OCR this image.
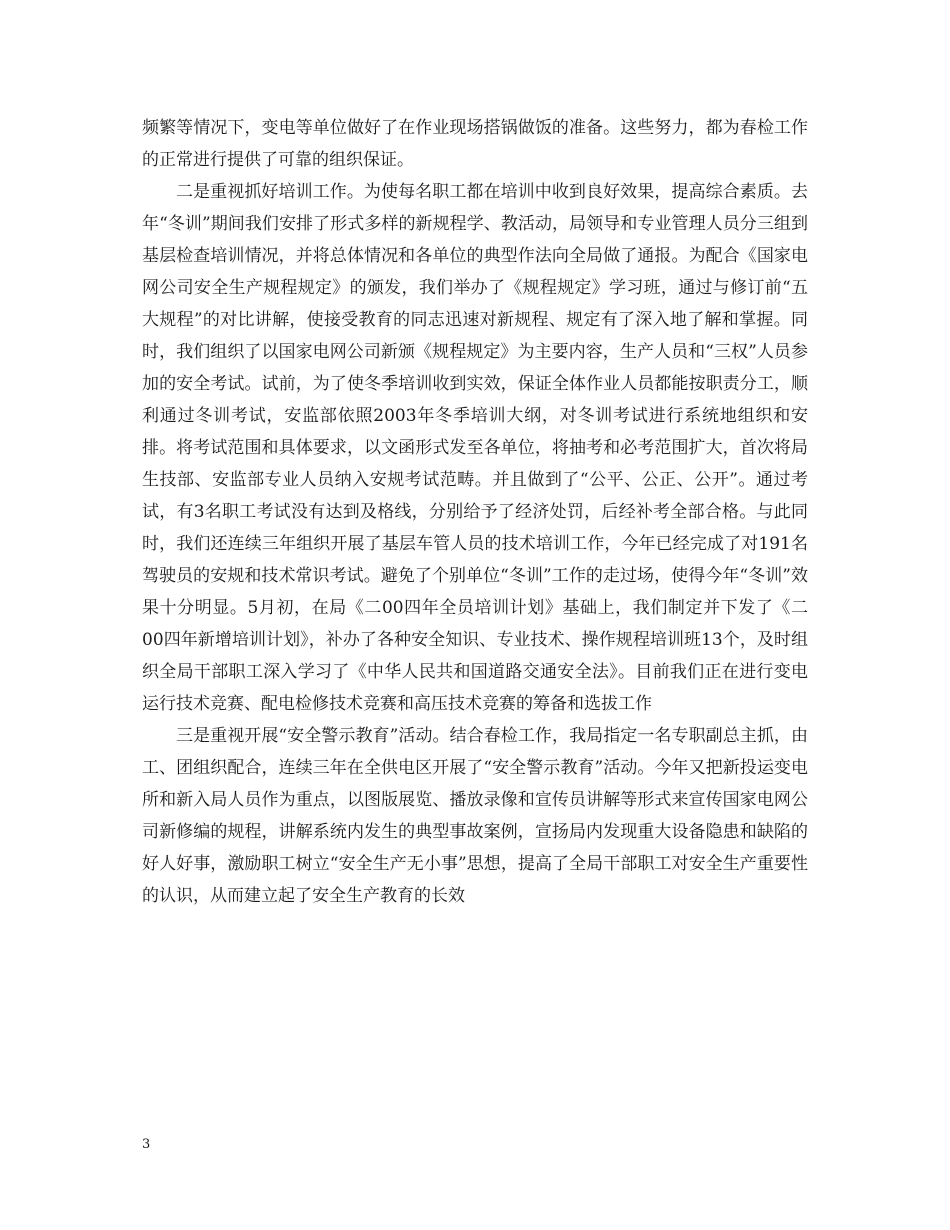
频繁等情况下，变电等单位做好了在作业现场搭锅做饭的准备。这些努力，都为春检工作的正常进行提供了可靠的组织保证。

二是重视抓好培训工作。为使每名职工都在培训中收到良好效果，提高综合素质。去年“冬训”期间我们安排了形式多样的新规程学、教活动，局领导和专业管理人员分三组到基层检查培训情况，并将总体情况和各单位的典型作法向全局做了通报。为配合《国家电网公司安全生产规程规定》的颁发，我们举办了《规程规定》学习班，通过与修订前“五大规程”的对比讲解，使接受教育的同志迅速对新规程、规定有了深入地了解和掌握。同时，我们组织了以国家电网公司新颁《规程规定》为主要内容，生产人员和“三权”人员参加的安全考试。试前，为了使冬季培训收到实效，保证全体作业人员都能按职责分工，顺利通过冬训考试，安监部依照2003年冬季培训大纲，对冬训考试进行系统地组织和安排。将考试范围和具体要求，以文函形式发至各单位，将抽考和必考范围扩大，首次将局生技部、安监部专业人员纳入安规考试范畴。并且做到了“公平、公正、公开”。通过考试，有3名职工考试没有达到及格线，分别给予了经济处罚，后经补考全部合格。与此同时，我们还连续三年组织开展了基层车管人员的技术培训工作，今年已经完成了对191名驾驶员的安规和技术常识考试。避免了个别单位“冬训”工作的走过场，使得今年“冬训”效果十分明显。5月初，在局《二00四年全员培训计划》基础上，我们制定并下发了《二00四年新增培训计划》，补办了各种安全知识、专业技术、操作规程培训班13个，及时组织全局干部职工深入学习了《中华人民共和国道路交通安全法》。目前我们正在进行变电运行技术竞赛、配电检修技术竞赛和高压技术竞赛的筹备和选拔工作

三是重视开展“安全警示教育”活动。结合春检工作，我局指定一名专职副总主抓，由工、团组织配合，连续三年在全供电区开展了“安全警示教育”活动。今年又把新投运变电所和新入局人员作为重点，以图版展览、播放录像和宣传员讲解等形式来宣传国家电网公司新修编的规程，讲解系统内发生的典型事故案例，宣扬局内发现重大设备隐患和缺陷的好人好事，激励职工树立“安全生产无小事”思想，提高了全局干部职工对安全生产重要性的认识，从而建立起了安全生产教育的长效

3
